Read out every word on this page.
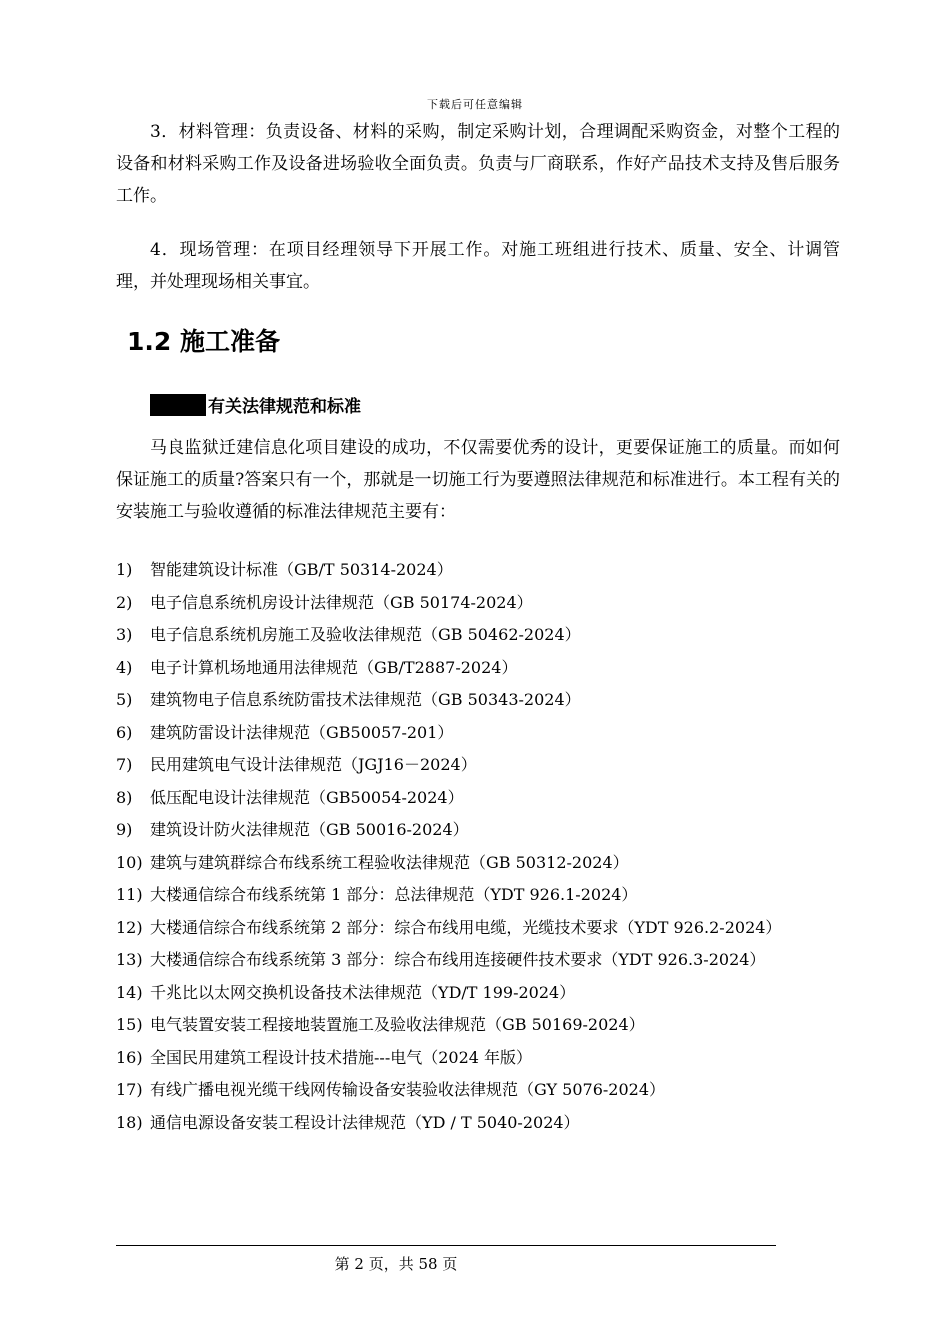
下载后可任意编辑

3．材料管理：负责设备、材料的采购，制定采购计划，合理调配采购资金，对整个工程的设备和材料采购工作及设备进场验收全面负责。负责与厂商联系，作好产品技术支持及售后服务工作。

4．现场管理：在项目经理领导下开展工作。对施工班组进行技术、质量、安全、计调管理，并处理现场相关事宜。

1.2 施工准备

有关法律规范和标准

马良监狱迁建信息化项目建设的成功，不仅需要优秀的设计，更要保证施工的质量。而如何保证施工的质量?答案只有一个，那就是一切施工行为要遵照法律规范和标准进行。本工程有关的安装施工与验收遵循的标准法律规范主要有：

1) 智能建筑设计标准（GB/T 50314-2024）
2) 电子信息系统机房设计法律规范（GB 50174-2024）
3) 电子信息系统机房施工及验收法律规范（GB 50462-2024）
4) 电子计算机场地通用法律规范（GB/T2887-2024）
5) 建筑物电子信息系统防雷技术法律规范（GB 50343-2024）
6) 建筑防雷设计法律规范（GB50057-201）
7) 民用建筑电气设计法律规范（JGJ16－2024）
8) 低压配电设计法律规范（GB50054-2024）
9) 建筑设计防火法律规范（GB 50016-2024）
10) 建筑与建筑群综合布线系统工程验收法律规范（GB 50312-2024）
11) 大楼通信综合布线系统第 1 部分：总法律规范（YDT 926.1-2024）
12) 大楼通信综合布线系统第 2 部分：综合布线用电缆，光缆技术要求（YDT 926.2-2024）
13) 大楼通信综合布线系统第 3 部分：综合布线用连接硬件技术要求（YDT 926.3-2024）
14) 千兆比以太网交换机设备技术法律规范（YD/T 199-2024）
15) 电气装置安装工程接地装置施工及验收法律规范（GB 50169-2024）
16) 全国民用建筑工程设计技术措施---电气（2024 年版）
17) 有线广播电视光缆干线网传输设备安装验收法律规范（GY 5076-2024）
18) 通信电源设备安装工程设计法律规范（YD / T 5040-2024）
第 2 页，共 58 页
